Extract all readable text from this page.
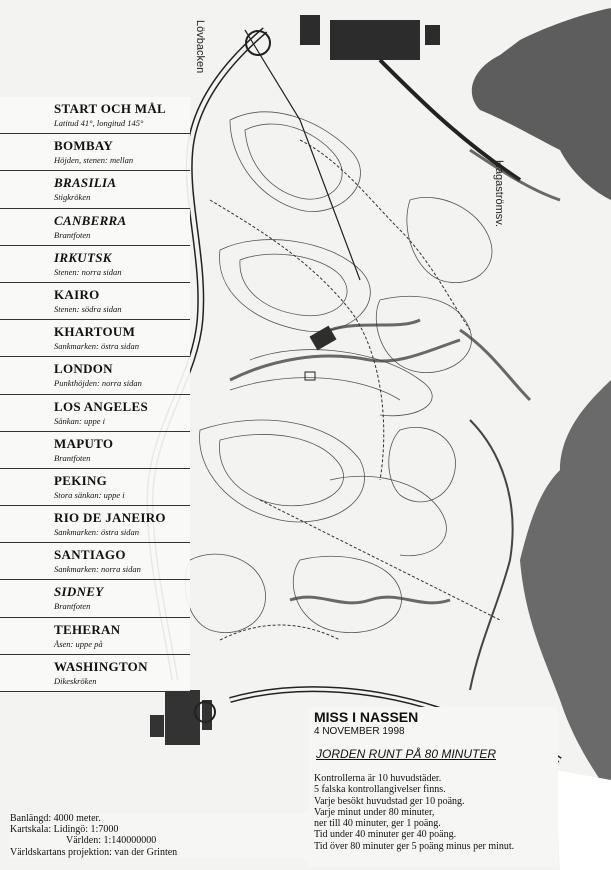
Lövbacken
Hagaströmsv.
START OCH MÅL
Latitud 41°, longitud 145°
BOMBAY
Höjden, stenen: mellan
BRASILIA
Stigkröken
CANBERRA
Brantfoten
IRKUTSK
Stenen: norra sidan
KAIRO
Stenen: södra sidan
KHARTOUM
Sankmarken: östra sidan
LONDON
Punkthöjden: norra sidan
LOS ANGELES
Sänkan: uppe i
MAPUTO
Brantfoten
PEKING
Stora sänkan: uppe i
RIO DE JANEIRO
Sankmarken: östra sidan
SANTIAGO
Sankmarken: norra sidan
SIDNEY
Brantfoten
TEHERAN
Åsen: uppe på
WASHINGTON
Dikeskröken
MISS I NASSEN
4 NOVEMBER 1998
JORDEN RUNT PÅ 80 MINUTER
Kontrollerna är 10 huvudstäder.
5 falska kontrollangivelser finns.
Varje besökt huvudstad ger 10 poäng.
Varje minut under 80 minuter,
ner till 40 minuter, ger 1 poäng.
Tid under 40 minuter ger 40 poäng.
Tid över 80 minuter ger 5 poäng minus per minut.
Banlängd: 4000 meter.
Kartskala: Lidingö: 1:7000
Världen: 1:140000000
Världskartans projektion: van der Grinten
